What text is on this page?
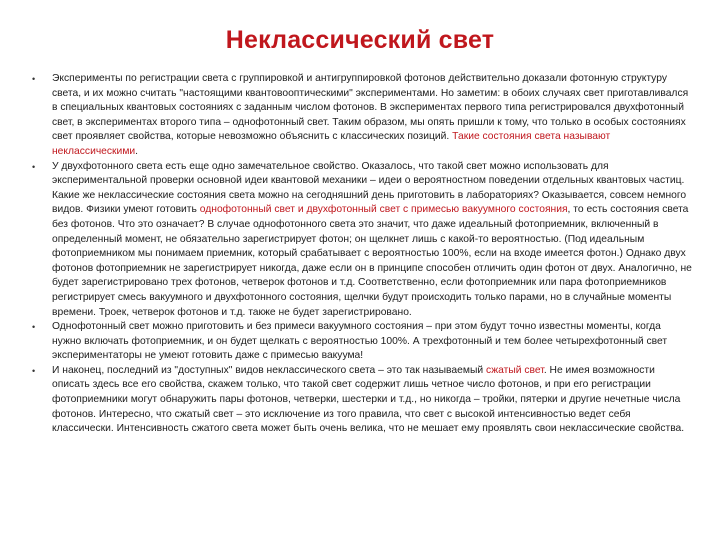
Неклассический свет
• Эксперименты по регистрации света с группировкой и антигруппировкой фотонов действительно доказали фотонную структуру света, и их можно считать "настоящими квантовооптическими" экспериментами. Но заметим: в обоих случаях свет приготавливался в специальных квантовых состояниях с заданным числом фотонов. В экспериментах первого типа регистрировался двухфотонный свет, в экспериментах второго типа – однофотонный свет. Таким образом, мы опять пришли к тому, что только в особых состояниях свет проявляет свойства, которые невозможно объяснить с классических позиций. Такие состояния света называют неклассическими.
• У двухфотонного света есть еще одно замечательное свойство. Оказалось, что такой свет можно использовать для экспериментальной проверки основной идеи квантовой механики – идеи о вероятностном поведении отдельных квантовых частиц. Какие же неклассические состояния света можно на сегодняшний день приготовить в лабораториях? Оказывается, совсем немного видов. Физики умеют готовить однофотонный свет и двухфотонный свет с примесью вакуумного состояния, то есть состояния света без фотонов. Что это означает? В случае однофотонного света это значит, что даже идеальный фотоприемник, включенный в определенный момент, не обязательно зарегистрирует фотон; он щелкнет лишь с какой-то вероятностью. (Под идеальным фотоприемником мы понимаем приемник, который срабатывает с вероятностью 100%, если на входе имеется фотон.) Однако двух фотонов фотоприемник не зарегистрирует никогда, даже если он в принципе способен отличить один фотон от двух. Аналогично, не будет зарегистрировано трех фотонов, четверок фотонов и т.д. Соответственно, если фотоприемник или пара фотоприемников регистрирует смесь вакуумного и двухфотонного состояния, щелчки будут происходить только парами, но в случайные моменты времени. Троек, четверок фотонов и т.д. также не будет зарегистрировано.
• Однофотонный свет можно приготовить и без примеси вакуумного состояния – при этом будут точно известны моменты, когда нужно включать фотоприемник, и он будет щелкать с вероятностью 100%. А трехфотонный и тем более четырехфотонный свет экспериментаторы не умеют готовить даже с примесью вакуума!
• И наконец, последний из "доступных" видов неклассического света – это так называемый сжатый свет. Не имея возможности описать здесь все его свойства, скажем только, что такой свет содержит лишь четное число фотонов, и при его регистрации фотоприемники могут обнаружить пары фотонов, четверки, шестерки и т.д., но никогда – тройки, пятерки и другие нечетные числа фотонов. Интересно, что сжатый свет – это исключение из того правила, что свет с высокой интенсивностью ведет себя классически. Интенсивность сжатого света может быть очень велика, что не мешает ему проявлять свои неклассические свойства.
